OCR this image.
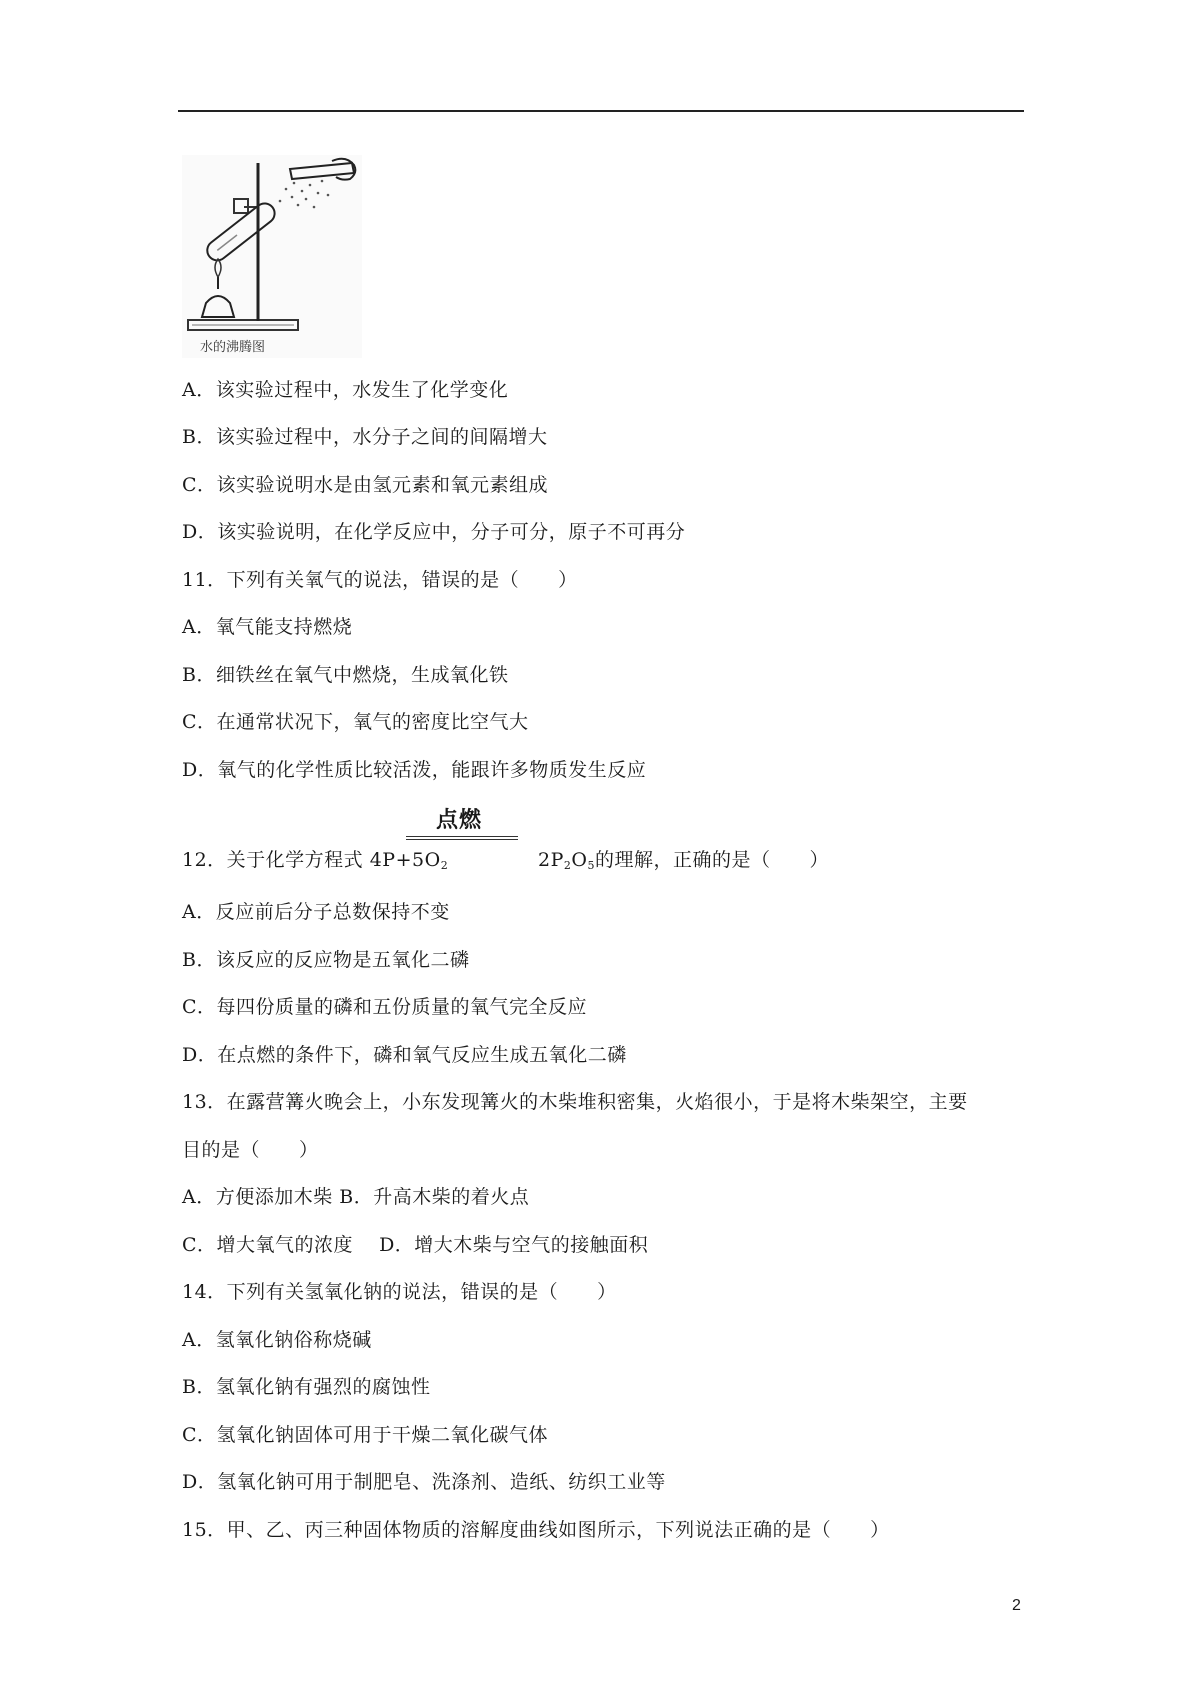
水的沸腾图
A．该实验过程中，水发生了化学变化
B．该实验过程中，水分子之间的间隔增大
C．该实验说明水是由氢元素和氧元素组成
D．该实验说明，在化学反应中，分子可分，原子不可再分
11．下列有关氧气的说法，错误的是（　　）
A．氧气能支持燃烧
B．细铁丝在氧气中燃烧，生成氧化铁
C．在通常状况下，氧气的密度比空气大
D．氧气的化学性质比较活泼，能跟许多物质发生反应
点燃
12．关于化学方程式 $4P+5O_2$	$2P_2O_5$的理解，正确的是（　　）
A．反应前后分子总数保持不变
B．该反应的反应物是五氧化二磷
C．每四份质量的磷和五份质量的氧气完全反应
D．在点燃的条件下，磷和氧气反应生成五氧化二磷
13．在露营篝火晚会上，小东发现篝火的木柴堆积密集，火焰很小，于是将木柴架空，主要
目的是（　　）
A．方便添加木柴 B．升高木柴的着火点
C．增大氧气的浓度　 D．增大木柴与空气的接触面积
14．下列有关氢氧化钠的说法，错误的是（　　）
A．氢氧化钠俗称烧碱
B．氢氧化钠有强烈的腐蚀性
C．氢氧化钠固体可用于干燥二氧化碳气体
D．氢氧化钠可用于制肥皂、洗涤剂、造纸、纺织工业等
15．甲、乙、丙三种固体物质的溶解度曲线如图所示，下列说法正确的是（　　）
2
